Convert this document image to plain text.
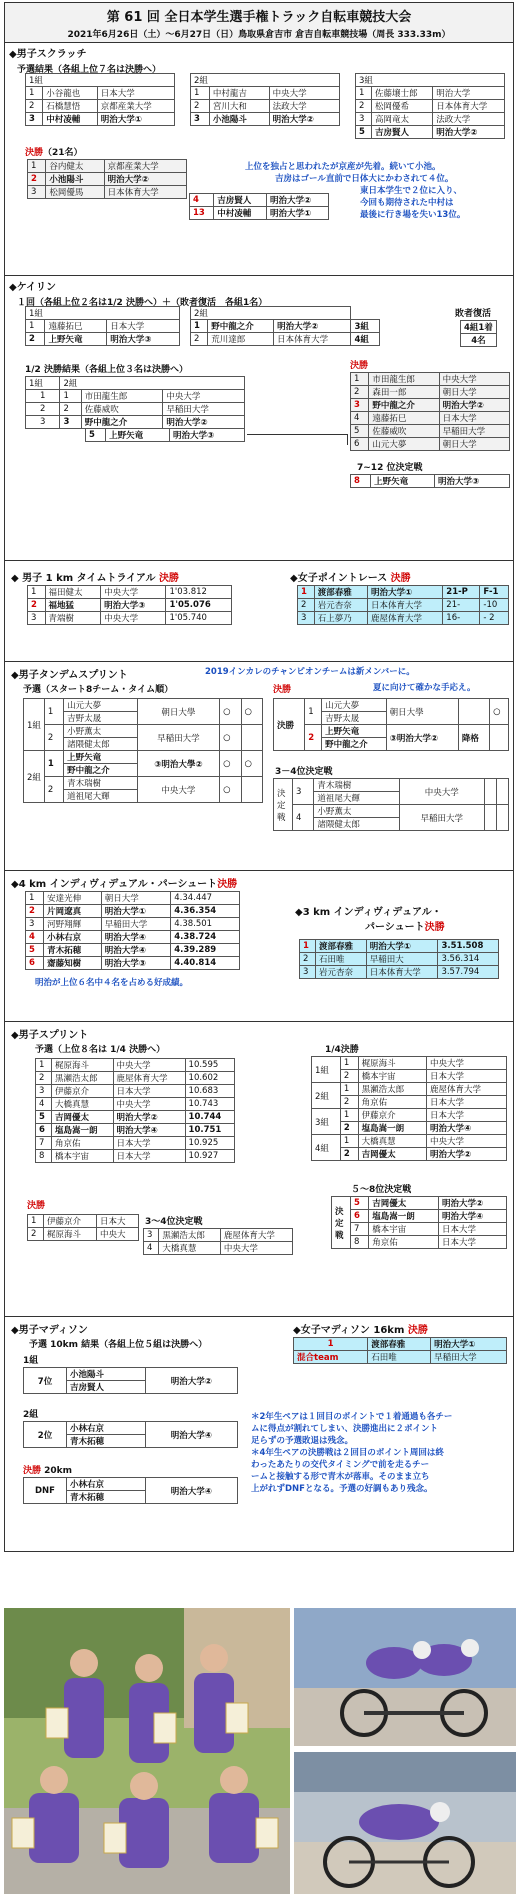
第 61 回 全日本学生選手権トラック自転車競技大会
2021年6月26日（土）～6月27日（日）鳥取県倉吉市 倉吉自転車競技場（周長 333.33m）
◆男子スクラッチ
予選結果（各組上位７名は決勝へ）
1組		
1	小谷龍也	日本大学
2	石橋慧悟	京都産業大学
3	中村凌輔	明治大学①
2組		
1	中村龍吉	中央大学
2	宮川大和	法政大学
3	小池陽斗	明治大学②
3組		
1	佐藤壌士郎	明治大学
2	松岡優希	日本体育大学
3	高岡竜太	法政大学
5	吉房賢人	明治大学②
決勝（21名）
1	谷内健太	京都産業大学
2	小池陽斗	明治大学②
3	松岡優馬	日本体育大学
4	吉房賢人	明治大学②
13	中村凌輔	明治大学①
上位を独占と思われたが京産が先着。続いて小池。
吉房はゴール直前で日体大にかわされて４位。
東日本学生で２位に入り、
今回も期待された中村は
最後に行き場を失い13位。
◆ケイリン
１回（各組上位２名は1/2 決勝へ）＋（敗者復活　各組1名）
1組		
1	遠藤拓巳	日本大学
2	上野矢竜	明治大学③
2組			
1	野中龍之介	明治大学②	3組
2	荒川達郎	日本体育大学	4組
敗者復活
4組1着
4名
1/2 決勝結果（各組上位３名は決勝へ）
1組	2組		
1	1	市田龍生郎	中央大学
2	2	佐藤威吹	早稲田大学
3	3	野中龍之介	明治大学②
5	上野矢竜	明治大学③
決勝
1	市田龍生郎	中央大学
2	森田一郎	朝日大学
3	野中龍之介	明治大学②
4	遠藤拓巳	日本大学
5	佐藤威吹	早稲田大学
6	山元大夢	朝日大学
7~12 位決定戦
8	上野矢竜	明治大学③
◆ 男子 1 km タイムトライアル 決勝
1	福田健太	中央大学	1'03.812
2	福地猛	明治大学③	1'05.076
3	青端樹	中央大学	1'05.740
◆女子ポイントレース 決勝
1	渡部春雅	明治大学①	21-P	F-1
2	岩元杏奈	日本体育大学	21-	-10
3	石上夢乃	鹿屋体育大学	16-	- 2
◆男子タンデムスプリント	2019インカレのチャンピオンチームは新メンバーに。
予選（スタート8チーム・タイム順）
1組	1	山元大夢	朝日大學	○	○
		吉野太晟			
	2	小野薫太	早稲田大学	○	
		諸隈健太郎			
2組	1	上野矢竜	③明治大學②	○	○
		野中龍之介			
	2	青木瑞樹	中央大学	○	
		道祖尾大輝			
決勝	夏に向けて確かな手応え。
決勝	1	山元大夢	朝日大學		○
		吉野太晟			
	2	上野矢竜	③明治大学②	降格	
		野中龍之介			
3－4位決定戦
決定戦	3	青木瑞樹	中央大学		
		道祖尾大輝			
	4	小野薫太	早稲田大学		
		諸隈健太郎			
◆4 km インディヴィデュアル・パーシュート決勝
1	安達光伸	朝日大学	4.34.447
2	片岡遼真	明治大学①	4.36.354
3	河野翔輝	早稲田大学	4.38.501
4	小林右京	明治大学④	4.38.724
5	青木拓穂	明治大学④	4.39.289
6	齋藤知樹	明治大学③	4.40.814
明治が上位６名中４名を占める好成績。
◆3 km インディヴィデュアル・
パーシュート決勝
1	渡部春雅	明治大学①	3.51.508
2	石田唯	早稲田大	3.56.314
3	岩元杏奈	日本体育大学	3.57.794
◆男子スプリント
予選（上位８名は 1/4 決勝へ）
1	梶原海斗	中央大学	10.595
2	黒瀬浩太郎	鹿屋体育大学	10.602
3	伊藤京介	日本大学	10.683
4	大橋真慧	中央大学	10.743
5	吉岡優太	明治大学②	10.744
6	塩島嵩一朗	明治大学④	10.751
7	角京佑	日本大学	10.925
8	橋本宇宙	日本大学	10.927
1/4決勝
1組	1	梶原海斗	中央大学
	2	橋本宇宙	日本大学
2組	1	黒瀬浩太郎	鹿屋体育大学
	2	角京佑	日本大学
3組	1	伊藤京介	日本大学
	2	塩島嵩一朗	明治大学④
4組	1	大橋真慧	中央大学
	2	吉岡優太	明治大学②
５～8位決定戦
決定戦	5	吉岡優太	明治大学②
	6	塩島嵩一朗	明治大学④
	7	橋本宇宙	日本大学
	8	角京佑	日本大学
決勝
1	伊藤京介	日本大
2	梶原海斗	中央大
3～4位決定戦
3	黒瀬浩太郎	鹿屋体育大学
4	大橋真慧	中央大学
◆男子マディソン
予選 10km 結果（各組上位５組は決勝へ）
1組
7位	小池陽斗	明治大学②
吉房賢人
2組
2位	小林右京	明治大学④
青木拓穂
決勝 20km
DNF	小林右京	明治大学④
青木拓穂
◆女子マディソン 16km 決勝
1	渡部春雅	明治大学①
混合team	石田唯	早稲田大学
＊2年生ペアは１回目のポイントで１着通過も各チー
ムに得点が割れてしまい、決勝進出に２ポイント
足らずの予選敗退は残念。
＊4年生ペアの決勝戦は２回目のポイント周回は終
わったあたりの交代タイミングで前を走るチー
ームと接触する形で青木が落車。そのまま立ち
上がれずDNFとなる。予選の好調もあり残念。
